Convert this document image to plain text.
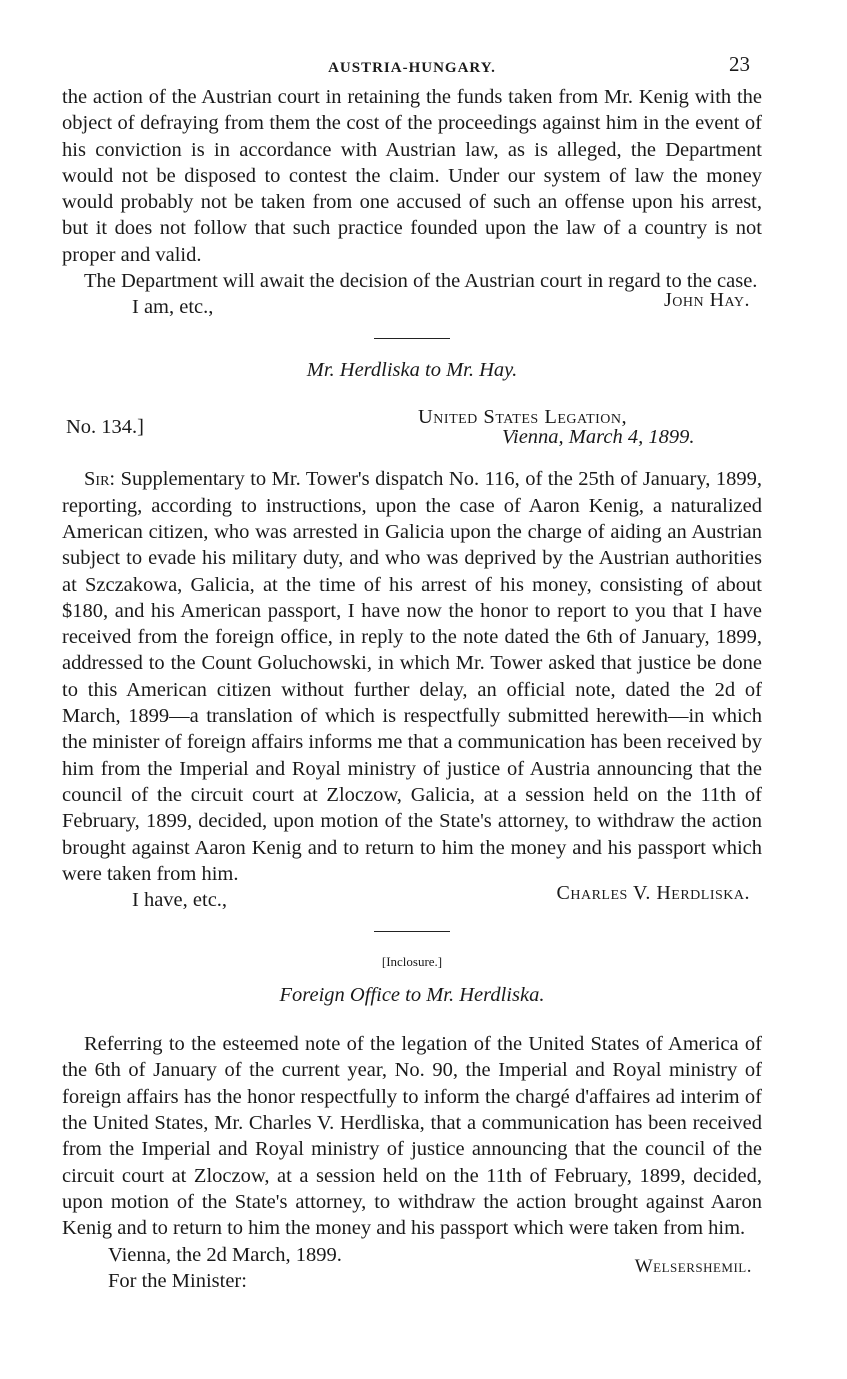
AUSTRIA-HUNGARY.	23

the action of the Austrian court in retaining the funds taken from Mr. Kenig with the object of defraying from them the cost of the proceedings against him in the event of his conviction is in accordance with Austrian law, as is alleged, the Department would not be disposed to contest the claim. Under our system of law the money would probably not be taken from one accused of such an offense upon his arrest, but it does not follow that such practice founded upon the law of a country is not proper and valid.

The Department will await the decision of the Austrian court in regard to the case.

I am, etc.,	John Hay.
Mr. Herdliska to Mr. Hay.
No. 134.]	United States Legation,
Vienna, March 4, 1899.

Sir: Supplementary to Mr. Tower's dispatch No. 116, of the 25th of January, 1899, reporting, according to instructions, upon the case of Aaron Kenig, a naturalized American citizen, who was arrested in Galicia upon the charge of aiding an Austrian subject to evade his military duty, and who was deprived by the Austrian authorities at Szczakowa, Galicia, at the time of his arrest of his money, consisting of about $180, and his American passport, I have now the honor to report to you that I have received from the foreign office, in reply to the note dated the 6th of January, 1899, addressed to the Count Goluchowski, in which Mr. Tower asked that justice be done to this American citizen without further delay, an official note, dated the 2d of March, 1899—a translation of which is respectfully submitted herewith—in which the minister of foreign affairs informs me that a communication has been received by him from the Imperial and Royal ministry of justice of Austria announcing that the council of the circuit court at Zloczow, Galicia, at a session held on the 11th of February, 1899, decided, upon motion of the State's attorney, to withdraw the action brought against Aaron Kenig and to return to him the money and his passport which were taken from him.

I have, etc.,	Charles V. Herdliska.
[Inclosure.]
Foreign Office to Mr. Herdliska.

Referring to the esteemed note of the legation of the United States of America of the 6th of January of the current year, No. 90, the Imperial and Royal ministry of foreign affairs has the honor respectfully to inform the chargé d'affaires ad interim of the United States, Mr. Charles V. Herdliska, that a communication has been received from the Imperial and Royal ministry of justice announcing that the council of the circuit court at Zloczow, at a session held on the 11th of February, 1899, decided, upon motion of the State's attorney, to withdraw the action brought against Aaron Kenig and to return to him the money and his passport which were taken from him.

Vienna, the 2d March, 1899.
For the Minister:
Welsershemil.
